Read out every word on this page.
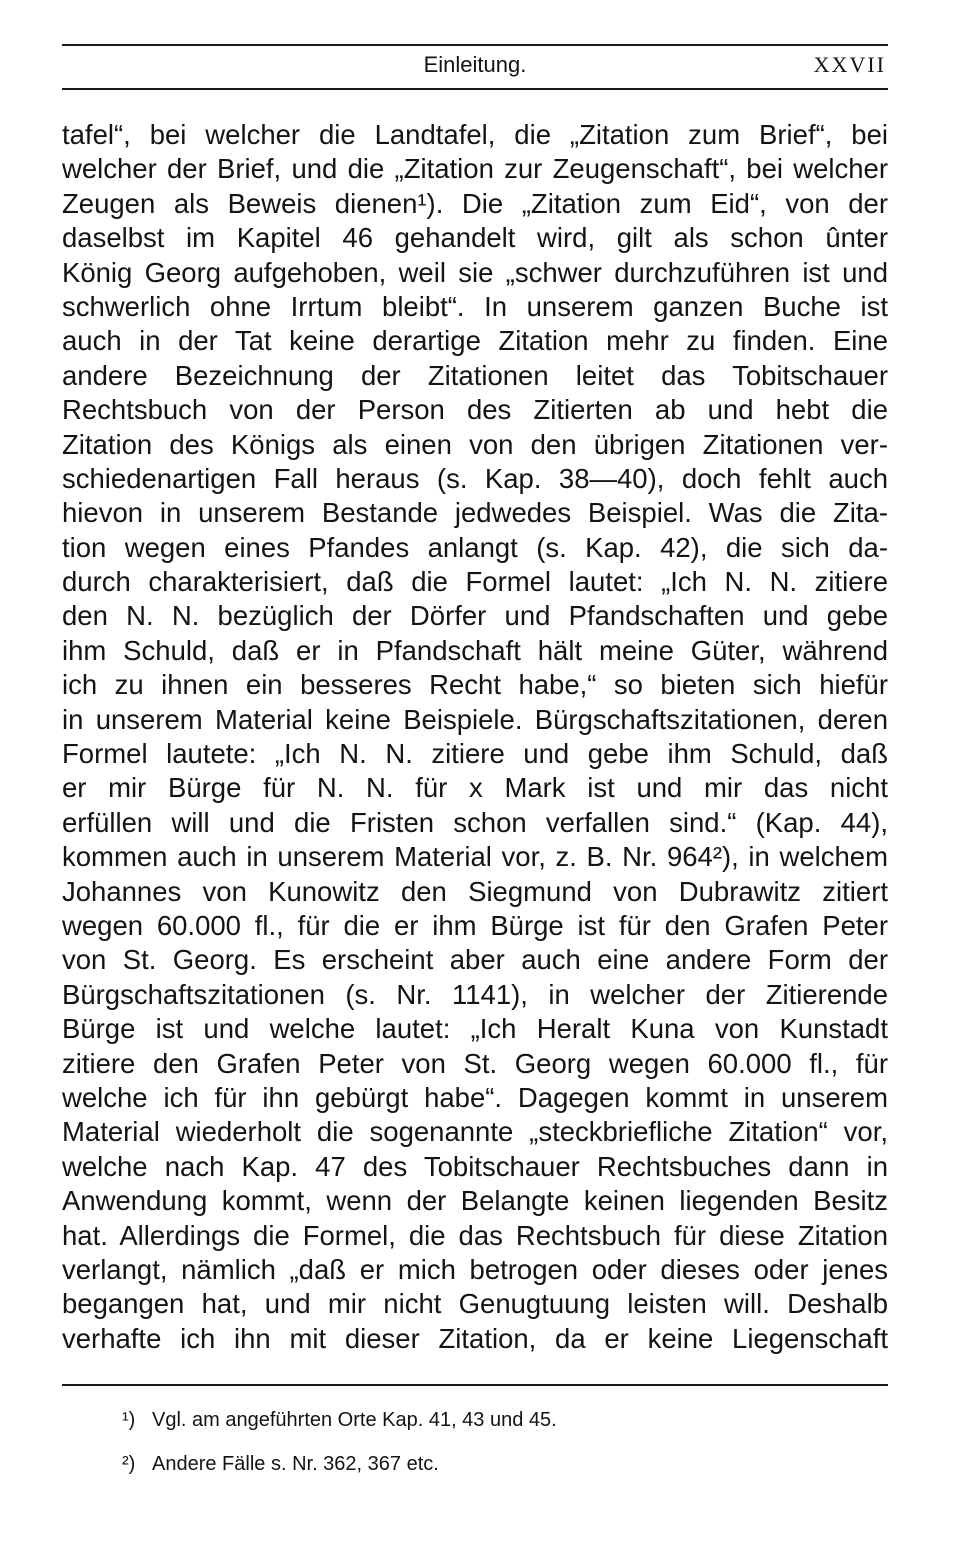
Einleitung.	XXVII
tafel“, bei welcher die Landtafel, die „Zitation zum Brief“, bei
welcher der Brief, und die „Zitation zur Zeugenschaft“, bei welcher
Zeugen als Beweis dienen¹). Die „Zitation zum Eid“, von der
daselbst im Kapitel 46 gehandelt wird, gilt als schon ûnter
König Georg aufgehoben, weil sie „schwer durchzuführen ist und
schwerlich ohne Irrtum bleibt“. In unserem ganzen Buche ist
auch in der Tat keine derartige Zitation mehr zu finden. Eine
andere Bezeichnung der Zitationen leitet das Tobitschauer
Rechtsbuch von der Person des Zitierten ab und hebt die
Zitation des Königs als einen von den übrigen Zitationen ver-
schiedenartigen Fall heraus (s. Kap. 38—40), doch fehlt auch
hievon in unserem Bestande jedwedes Beispiel. Was die Zita-
tion wegen eines Pfandes anlangt (s. Kap. 42), die sich da-
durch charakterisiert, daß die Formel lautet: „Ich N. N. zitiere
den N. N. bezüglich der Dörfer und Pfandschaften und gebe
ihm Schuld, daß er in Pfandschaft hält meine Güter, während
ich zu ihnen ein besseres Recht habe,“ so bieten sich hiefür
in unserem Material keine Beispiele. Bürgschaftszitationen, deren
Formel lautete: „Ich N. N. zitiere und gebe ihm Schuld, daß
er mir Bürge für N. N. für x Mark ist und mir das nicht
erfüllen will und die Fristen schon verfallen sind.“ (Kap. 44),
kommen auch in unserem Material vor, z. B. Nr. 964²), in welchem
Johannes von Kunowitz den Siegmund von Dubrawitz zitiert
wegen 60.000 fl., für die er ihm Bürge ist für den Grafen Peter
von St. Georg. Es erscheint aber auch eine andere Form der
Bürgschaftszitationen (s. Nr. 1141), in welcher der Zitierende
Bürge ist und welche lautet: „Ich Heralt Kuna von Kunstadt
zitiere den Grafen Peter von St. Georg wegen 60.000 fl., für
welche ich für ihn gebürgt habe“. Dagegen kommt in unserem
Material wiederholt die sogenannte „steckbriefliche Zitation“ vor,
welche nach Kap. 47 des Tobitschauer Rechtsbuches dann in
Anwendung kommt, wenn der Belangte keinen liegenden Besitz
hat. Allerdings die Formel, die das Rechtsbuch für diese Zitation
verlangt, nämlich „daß er mich betrogen oder dieses oder jenes
begangen hat, und mir nicht Genugtuung leisten will. Deshalb
verhafte ich ihn mit dieser Zitation, da er keine Liegenschaft
¹) Vgl. am angeführten Orte Kap. 41, 43 und 45.
²) Andere Fälle s. Nr. 362, 367 etc.
